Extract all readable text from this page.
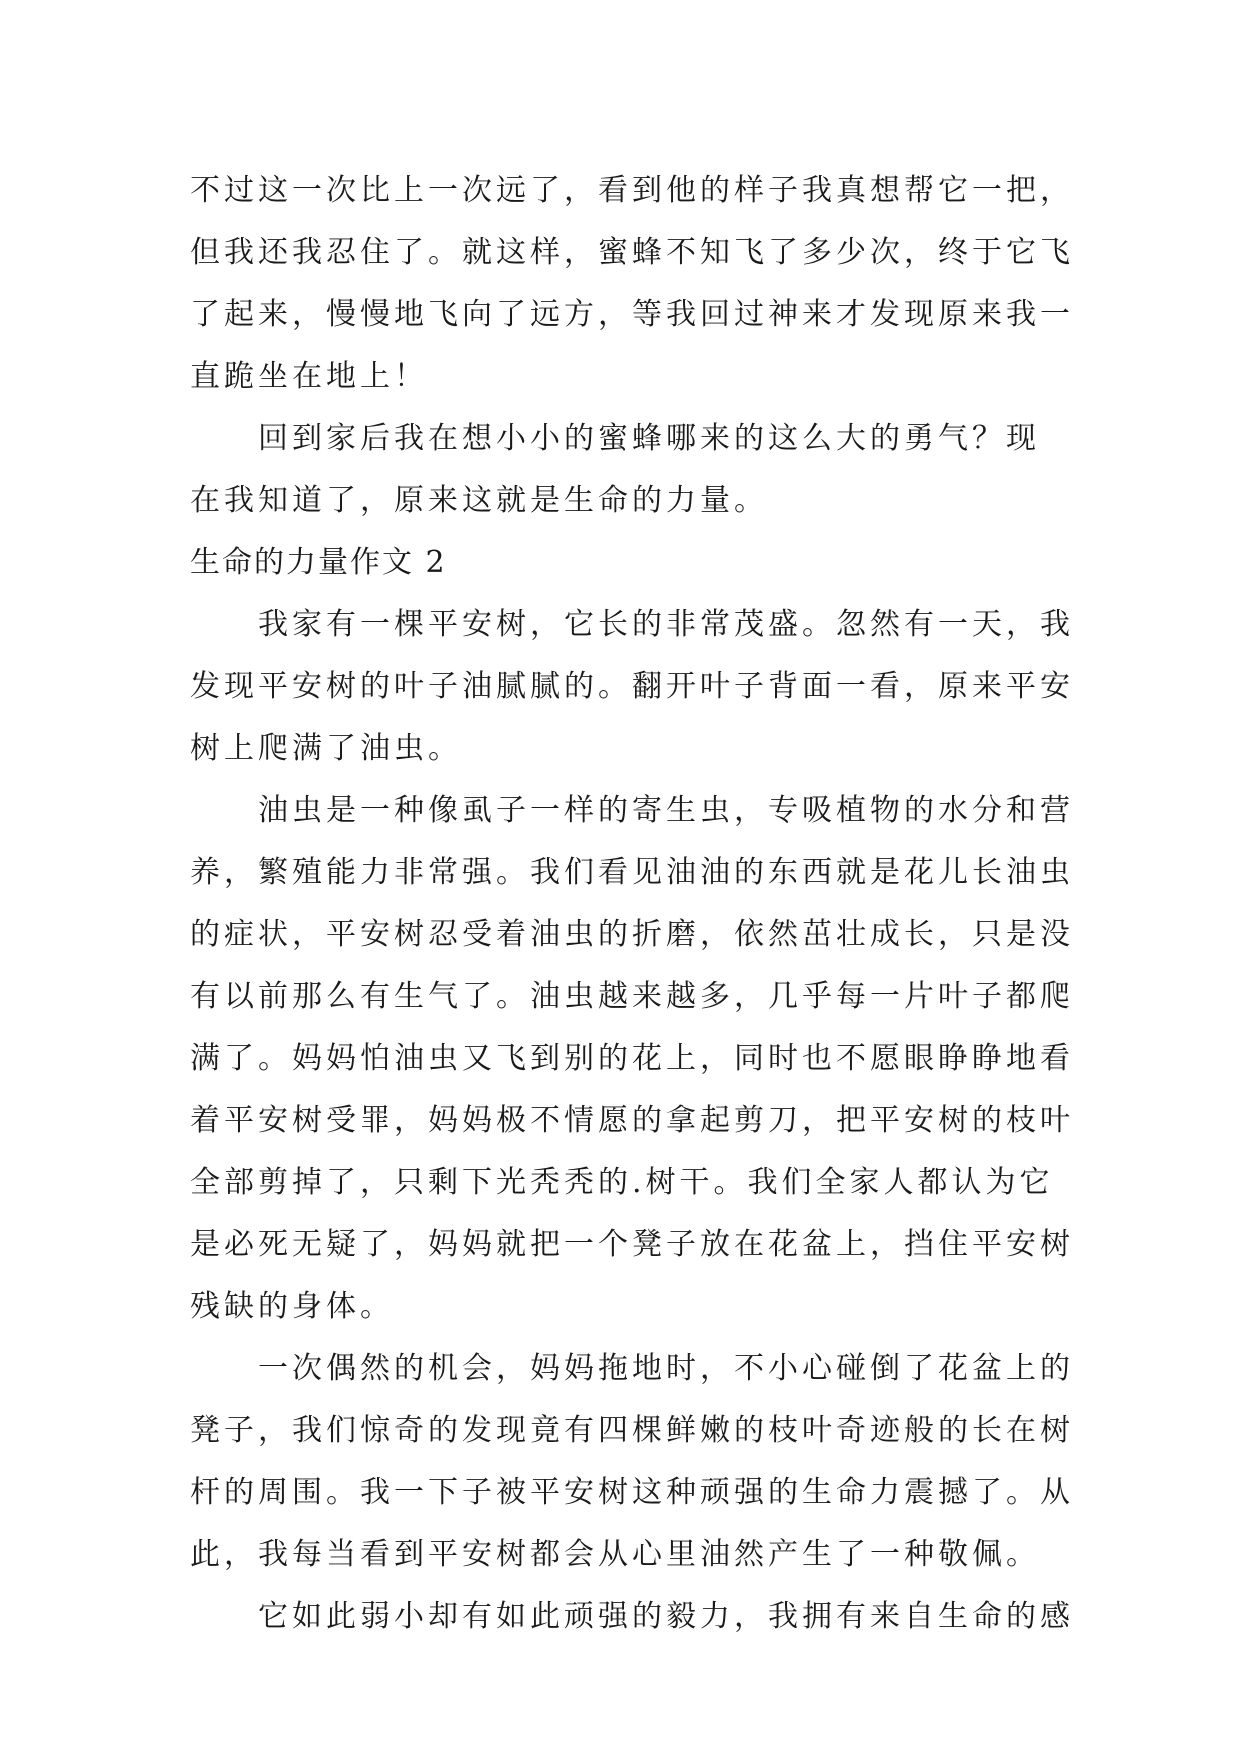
不过这一次比上一次远了，看到他的样子我真想帮它一把，
但我还我忍住了。就这样，蜜蜂不知飞了多少次，终于它飞
了起来，慢慢地飞向了远方，等我回过神来才发现原来我一
直跪坐在地上！
回到家后我在想小小的蜜蜂哪来的这么大的勇气？现
在我知道了，原来这就是生命的力量。
生命的力量作文 2
我家有一棵平安树，它长的非常茂盛。忽然有一天，我
发现平安树的叶子油腻腻的。翻开叶子背面一看，原来平安
树上爬满了油虫。
油虫是一种像虱子一样的寄生虫，专吸植物的水分和营
养，繁殖能力非常强。我们看见油油的东西就是花儿长油虫
的症状，平安树忍受着油虫的折磨，依然茁壮成长，只是没
有以前那么有生气了。油虫越来越多，几乎每一片叶子都爬
满了。妈妈怕油虫又飞到别的花上，同时也不愿眼睁睁地看
着平安树受罪，妈妈极不情愿的拿起剪刀，把平安树的枝叶
全部剪掉了，只剩下光秃秃的.树干。我们全家人都认为它
是必死无疑了，妈妈就把一个凳子放在花盆上，挡住平安树
残缺的身体。
一次偶然的机会，妈妈拖地时，不小心碰倒了花盆上的
凳子，我们惊奇的发现竟有四棵鲜嫩的枝叶奇迹般的长在树
杆的周围。我一下子被平安树这种顽强的生命力震撼了。从
此，我每当看到平安树都会从心里油然产生了一种敬佩。
它如此弱小却有如此顽强的毅力，我拥有来自生命的感
